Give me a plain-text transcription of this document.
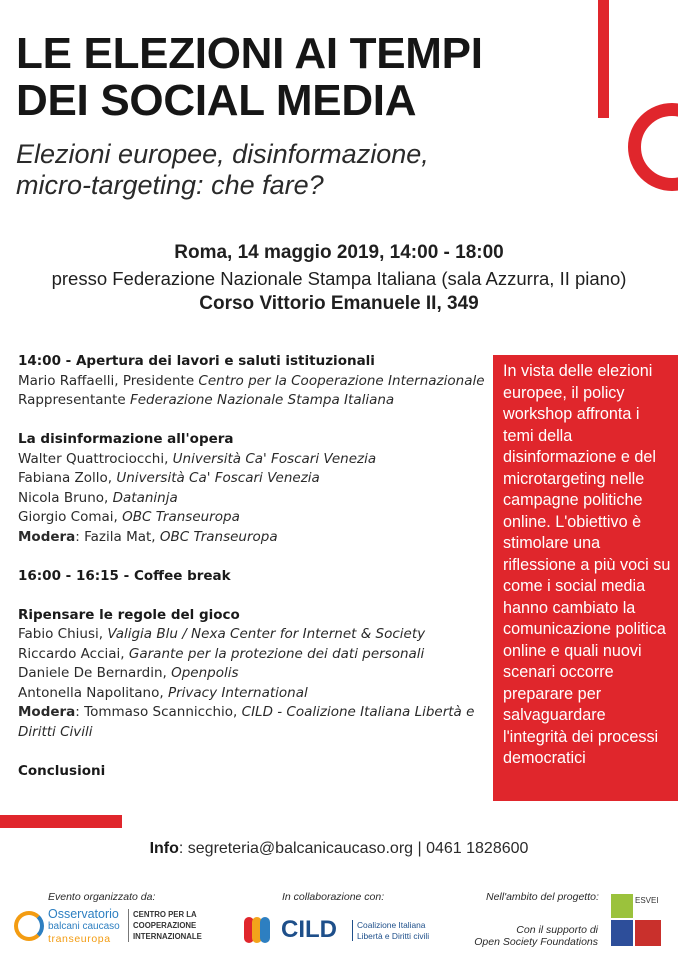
LE ELEZIONI AI TEMPI
DEI SOCIAL MEDIA
Elezioni europee, disinformazione,
micro-targeting: che fare?
Roma, 14 maggio 2019, 14:00 - 18:00
presso Federazione Nazionale Stampa Italiana (sala Azzurra, II piano)
Corso Vittorio Emanuele II, 349
14:00 - Apertura dei lavori e saluti istituzionali
Mario Raffaelli, Presidente Centro per la Cooperazione Internazionale
Rappresentante Federazione Nazionale Stampa Italiana
La disinformazione all'opera
Walter Quattrociocchi, Università Ca' Foscari Venezia
Fabiana Zollo, Università Ca' Foscari Venezia
Nicola Bruno, Dataninja
Giorgio Comai, OBC Transeuropa
Modera: Fazila Mat, OBC Transeuropa
16:00 - 16:15 - Coffee break
Ripensare le regole del gioco
Fabio Chiusi, Valigia Blu / Nexa Center for Internet & Society
Riccardo Acciai, Garante per la protezione dei dati personali
Daniele De Bernardin, Openpolis
Antonella Napolitano, Privacy International
Modera: Tommaso Scannicchio, CILD - Coalizione Italiana Libertà e Diritti Civili
Conclusioni
In vista delle elezioni europee, il policy workshop affronta i temi della disinformazione e del microtargeting nelle campagne politiche online. L'obiettivo è stimolare una riflessione a più voci su come i social media hanno cambiato la comunicazione politica online e quali nuovi scenari occorre preparare per salvaguardare l'integrità dei processi democratici
Info: segreteria@balcanicaucaso.org | 0461 1828600
Evento organizzato da:	In collaborazione con:	Nell'ambito del progetto:
Osservatorio
balcani caucaso
transeuropa
CENTRO PER LA
COOPERAZIONE
INTERNAZIONALE	CILD Coalizione Italiana
Libertà e Diritti civili
ESVEI
Con il supporto di
Open Society Foundations
